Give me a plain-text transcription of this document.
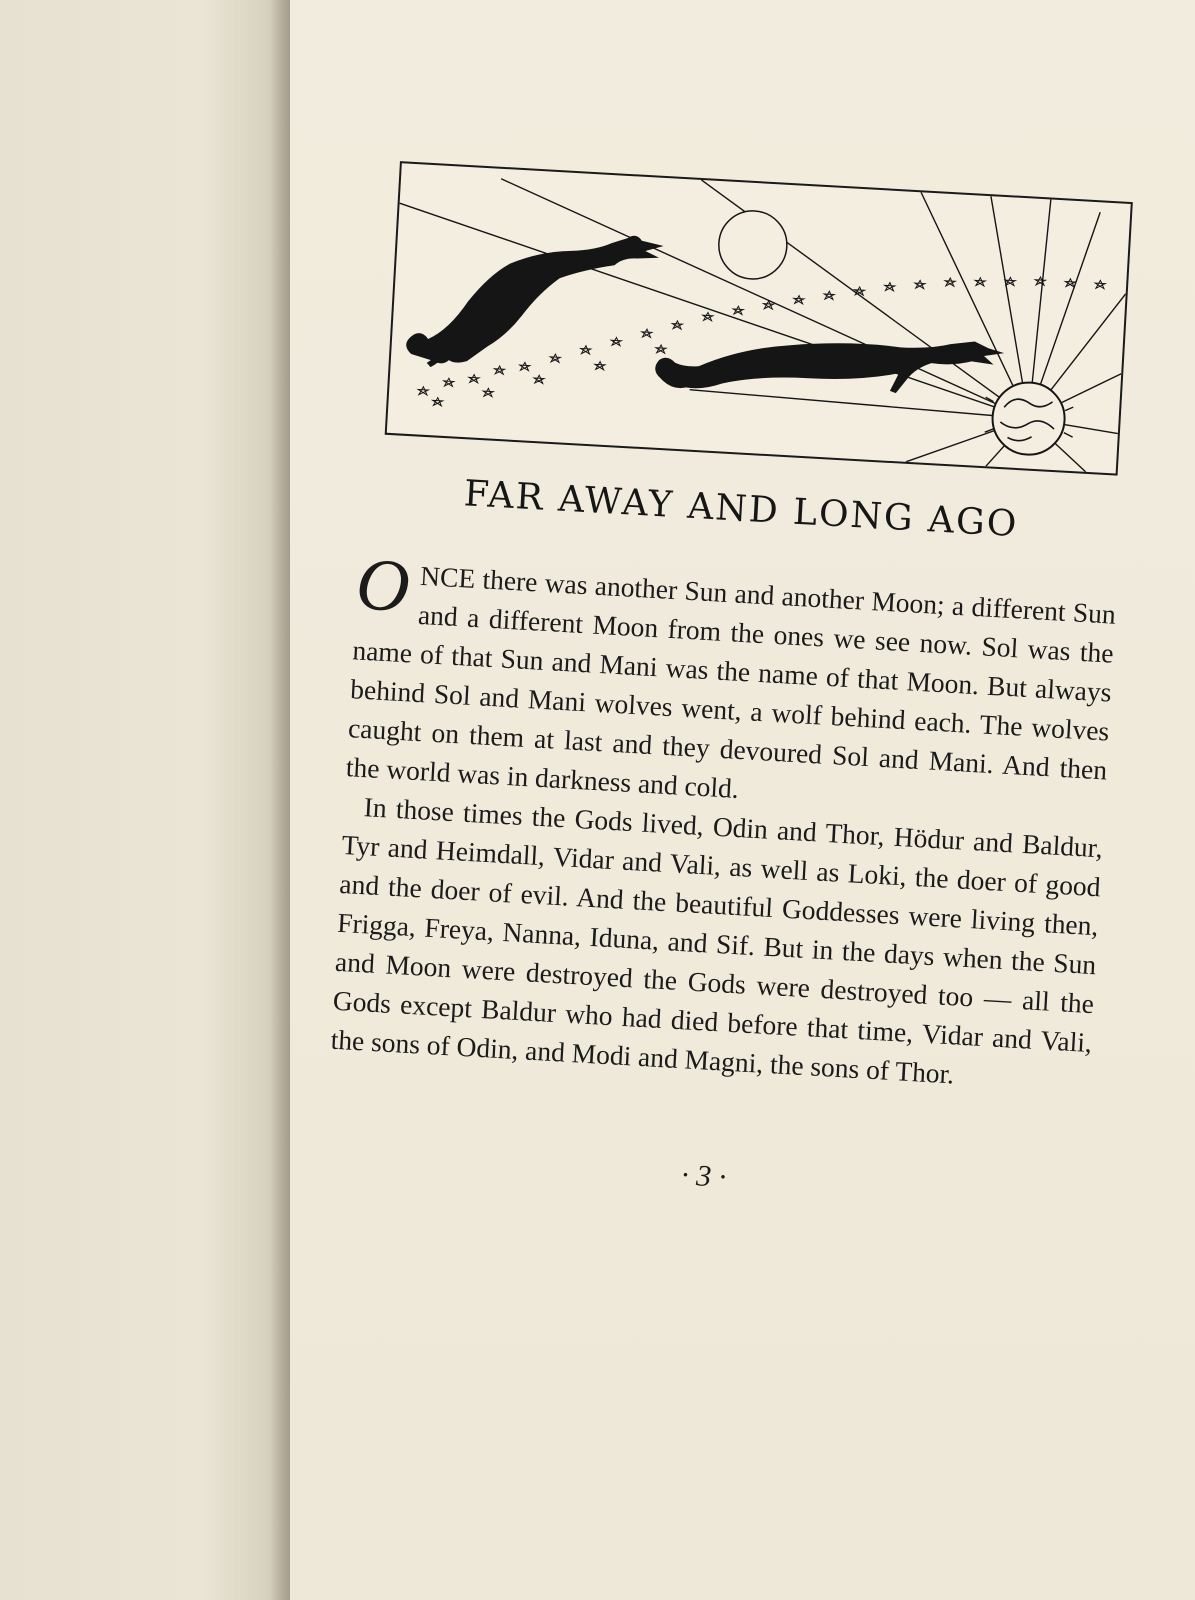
FAR AWAY AND LONG AGO

ONCE there was another Sun and another Moon; a different Sun and a different Moon from the ones we see now. Sol was the name of that Sun and Mani was the name of that Moon. But always behind Sol and Mani wolves went, a wolf behind each. The wolves caught on them at last and they devoured Sol and Mani. And then the world was in darkness and cold.

In those times the Gods lived, Odin and Thor, Hödur and Baldur, Tyr and Heimdall, Vidar and Vali, as well as Loki, the doer of good and the doer of evil. And the beautiful Goddesses were living then, Frigga, Freya, Nanna, Iduna, and Sif. But in the days when the Sun and Moon were destroyed the Gods were destroyed too — all the Gods except Baldur who had died before that time, Vidar and Vali, the sons of Odin, and Modi and Magni, the sons of Thor.

· 3 ·
